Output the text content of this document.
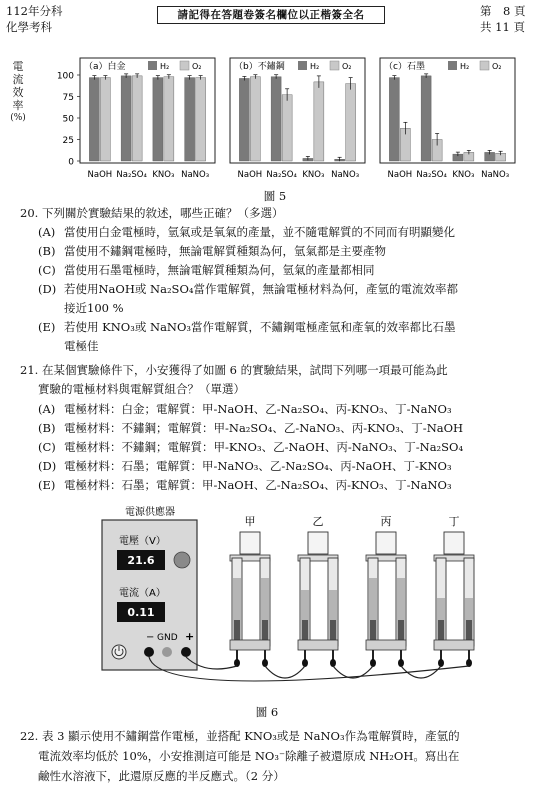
112年分科
化學考科
請記得在答題卷簽名欄位以正楷簽全名	第　8 頁
共 11 頁
電
流
效
率
(%)
0
25
50
75
100
（a）白金	H₂	O₂
NaOH Na₂SO₄ KNO₃ NaNO₃
（b）不鏽鋼	H₂	O₂
NaOH Na₂SO₄ KNO₃ NaNO₃
（c）石墨	H₂	O₂
NaOH Na₂SO₄ KNO₃ NaNO₃
圖 5
20. 下列關於實驗結果的敘述，哪些正確？（多選）
(A) 當使用白金電極時，氫氣或是氧氣的產量，並不隨電解質的不同而有明顯變化
(B) 當使用不鏽鋼電極時，無論電解質種類為何，氫氣都是主要產物
(C) 當使用石墨電極時，無論電解質種類為何，氫氣的產量都相同
(D) 若使用NaOH或 Na₂SO₄當作電解質，無論電極材料為何，產氫的電流效率都
接近100 %
(E) 若使用 KNO₃或 NaNO₃當作電解質，不鏽鋼電極產氫和產氧的效率都比石墨
電極佳
21. 在某個實驗條件下，小安獲得了如圖 6 的實驗結果，試問下列哪一項最可能為此
實驗的電極材料與電解質組合？（單選）
(A) 電極材料：白金；電解質：甲-NaOH、乙-Na₂SO₄、丙-KNO₃、丁-NaNO₃
(B) 電極材料：不鏽鋼；電解質：甲-Na₂SO₄、乙-NaNO₃、丙-KNO₃、丁-NaOH
(C) 電極材料：不鏽鋼；電解質：甲-KNO₃、乙-NaOH、丙-NaNO₃、丁-Na₂SO₄
(D) 電極材料：石墨；電解質：甲-NaNO₃、乙-Na₂SO₄、丙-NaOH、丁-KNO₃
(E) 電極材料：石墨；電解質：甲-NaOH、乙-Na₂SO₄、丙-KNO₃、丁-NaNO₃
電源供應器
電壓（V）
21.6
電流（A）
0.11
− GND +
甲	乙	丙	丁
圖 6
22. 表 3 顯示使用不鏽鋼當作電極，並搭配 KNO₃或是 NaNO₃作為電解質時，產氫的
電流效率均低於 10%，小安推測這可能是 NO₃⁻除離子被還原成 NH₂OH。寫出在
鹼性水溶液下，此還原反應的半反應式。（2 分）
